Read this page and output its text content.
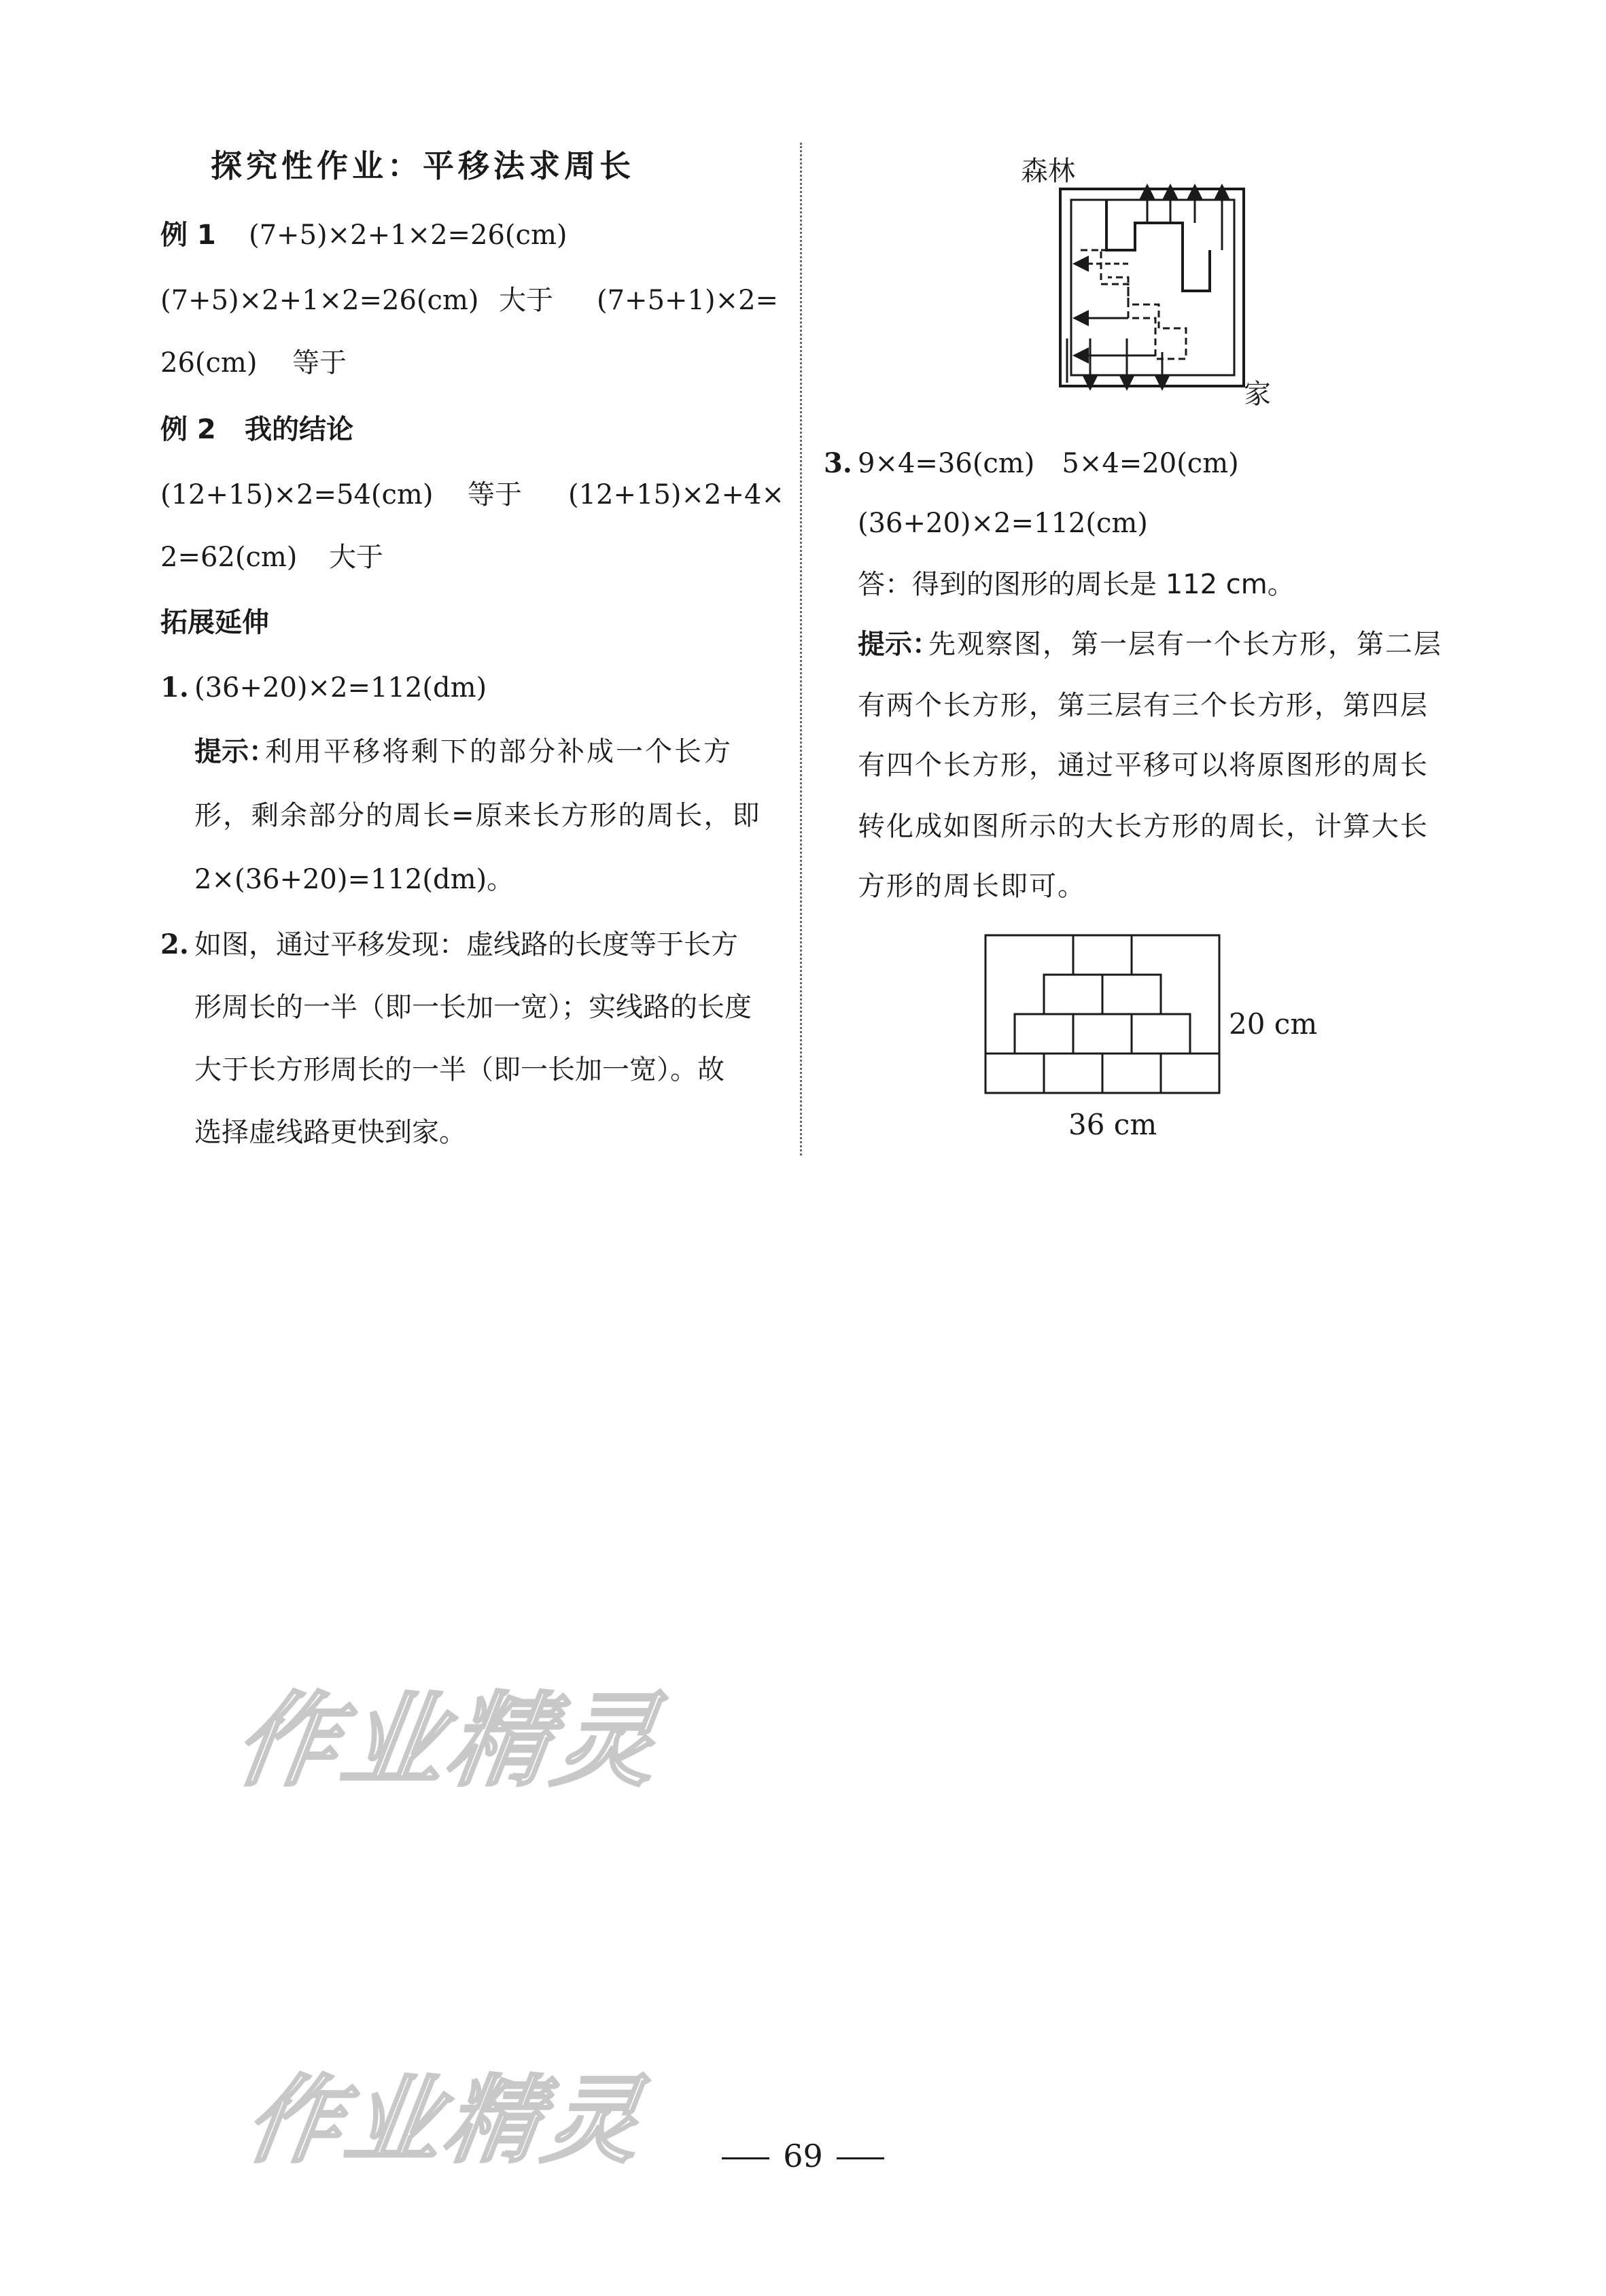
探究性作业：平移法求周长
例 1 (7+5)×2+1×2=26(cm)
(7+5)×2+1×2=26(cm) 大于 (7+5+1)×2=
26(cm) 等于
例 2 我的结论
(12+15)×2=54(cm) 等于 (12+15)×2+4×
2=62(cm) 大于
拓展延伸
1. (36+20)×2=112(dm)
提示：
利用平移将剩下的部分补成一个长方
形，剩余部分的周长=原来长方形的周长，即
2×(36+20)=112(dm)。
2. 如图，通过平移发现：虚线路的长度等于长方
形周长的一半（即一长加一宽）；实线路的长度
大于长方形周长的一半（即一长加一宽）。故
选择虚线路更快到家。
森林
家
3. 9×4=36(cm)　5×4=20(cm)
(36+20)×2=112(cm)
答：得到的图形的周长是 112 cm。
提示：
先观察图，第一层有一个长方形，第二层
有两个长方形，第三层有三个长方形，第四层
有四个长方形，通过平移可以将原图形的周长
转化成如图所示的大长方形的周长，计算大长
方形的周长即可。
20 cm
36 cm
作业精灵
作业精灵	69
